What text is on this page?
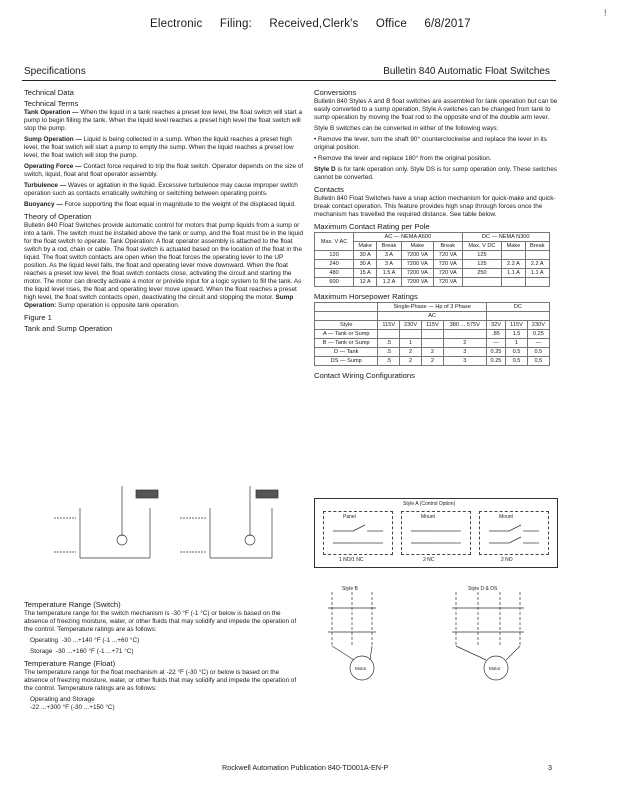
Electronic Filing: Received,Clerk's Office 6/8/2017
!
Specifications	Bulletin 840 Automatic Float Switches
Technical Data
Technical Terms

Tank Operation — When the liquid in a tank reaches a preset low level, the float switch will start a pump to begin filling the tank. When the liquid level reaches a preset high level the float switch will stop the pump.

Sump Operation — Liquid is being collected in a sump. When the liquid reaches a preset high level, the float switch will start a pump to empty the sump. When the liquid reaches a preset low level, the float switch will stop the pump.

Operating Force — Contact force required to trip the float switch. Operator depends on the size of switch, liquid, float and float operator assembly.

Turbulence — Waves or agitation in the liquid. Excessive turbulence may cause improper switch operation such as contacts erratically switching or switching between operating points.

Buoyancy — Force supporting the float equal in magnitude to the weight of the displaced liquid.

Theory of Operation

Bulletin 840 Float Switches provide automatic control for motors that pump liquids from a sump or into a tank. The switch must be installed above the tank or sump, and the float must be in the liquid for the float switch to operate. Tank Operation: A float operator assembly is attached to the float switch by a rod, chain or cable. The float switch is actuated based on the location of the float in the liquid. The float switch contacts are open when the float forces the operating lever to the UP position. As the liquid level falls, the float and operating lever move downward. When the float reaches a preset low level, the float switch contacts close, activating the circuit and starting the motor. The motor can directly activate a motor or provide input for a logic system to fill the tank. As the liquid level rises, the float and operating lever move upward. When the float reaches a preset high level, the float switch contacts open, deactivating the circuit and stopping the motor. Sump Operation: Sump operation is opposite tank operation.

Figure 1
Tank and Sump Operation
Temperature Range (Switch)

The temperature range for the switch mechanism is -30 °F (-1 °C) or below is based on the absence of freezing moisture, water, or other fluids that may solidify and impede the operation of the control. Temperature ratings are as follows:

Operating -30 ...+140 °F (-1 ...+60 °C)

Storage -30 ...+160 °F (-1 ...+71 °C)

Temperature Range (Float)

The temperature range for the float mechanism at -22 °F (-30 °C) or below is based on the absence of freezing moisture, water, or other fluids that may solidify and impede the operation of the control. Temperature ratings are as follows:

Operating and Storage

-22 ...+300 °F (-30 ...+150 °C)

Conversions

Bulletin 840 Styles A and B float switches are assembled for tank operation but can be easily converted to a sump operation. Style A switches can be changed from tank to sump operation by moving the float rod to the opposite end of the double arm lever.

Style B switches can be converted in either of the following ways:

• Remove the lever, turn the shaft 90° counterclockwise and replace the lever in its original position.

• Remove the lever and replace 180° from the original position.

Style D is for tank operation only. Style DS is for sump operation only. These switches cannot be converted.

Contacts

Bulletin 840 Float Switches have a snap action mechanism for quick-make and quick-break contact operation. This feature provides high snap through forces once the mechanism has travelled the required distance. See table below.

Maximum Contact Rating per Pole
Max. V AC	AC — NEMA A600				DC — NEMA N300		
	Make	Break	Make	Break	Max. V DC	Make	Break
120	30 A	3 A	7200 VA	720 VA	125		
240	30 A	3 A	7200 VA	720 VA	125	2.2 A	2.2 A
480	15 A	1.5 A	7200 VA	720 VA	250	1.1 A	1.1 A
600	12 A	1.2 A	7200 VA	720 VA			
Maximum Horsepower Ratings
	Single-Phase — Hp of 3 Phase				DC		
	AC						
Style	115V	230V	115V	380 ... 575V	32V	115V	230V
A — Tank or Sump					.85	1.5	0.25
B — Tank or Sump	.5	1		2	—	1	—
D — Tank	.5	2	2	3	0.25	0.5	0.5
DS — Sump	.5	2	2	3	0.25	0.5	0.5
Contact Wiring Configurations
Style A (Control Option)
Panel	Mount	Mount
1 NO/1 NC	2 NC	2 NO
Style B	Style D & DS
Motor	Motor
Rockwell Automation Publication 840-TD001A-EN-P	3
